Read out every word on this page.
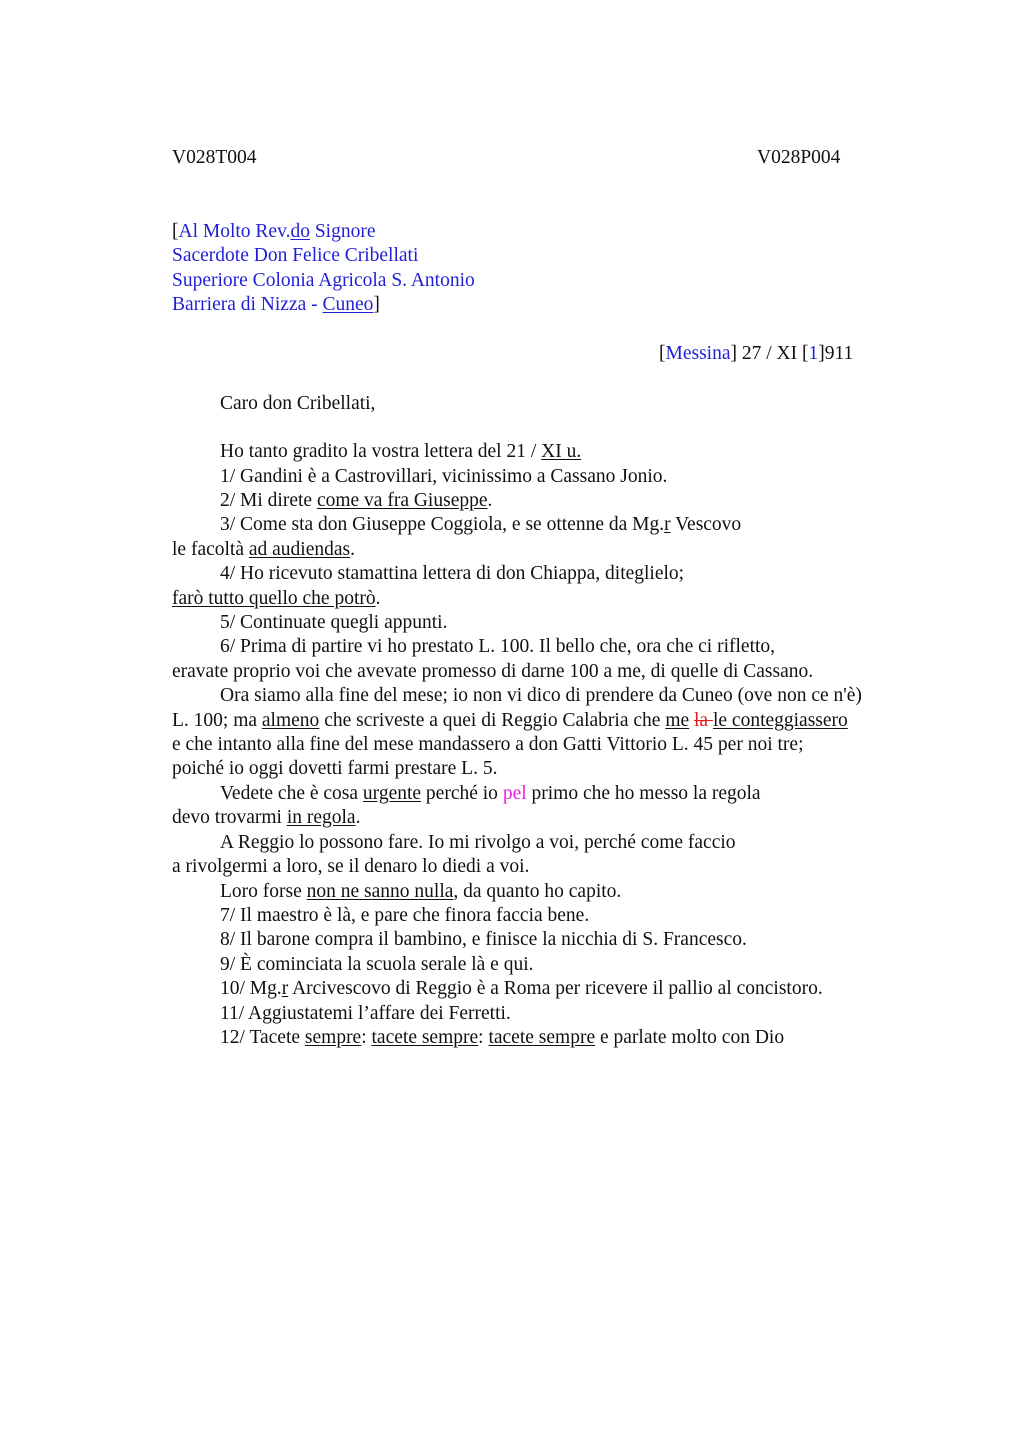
V028T004	V028P004
[Al Molto Rev.do Signore
Sacerdote Don Felice Cribellati
Superiore Colonia Agricola S. Antonio
Barriera di Nizza - Cuneo]
[Messina] 27 / XI [1]911
Caro don Cribellati,
Ho tanto gradito la vostra lettera del 21 / XI u.
1/ Gandini è a Castrovillari, vicinissimo a Cassano Jonio.
2/ Mi direte come va fra Giuseppe.
3/ Come sta don Giuseppe Coggiola, e se ottenne da Mg.r Vescovo
le facoltà ad audiendas.
4/ Ho ricevuto stamattina lettera di don Chiappa, diteglielo;
farò tutto quello che potrò.
5/ Continuate quegli appunti.
6/ Prima di partire vi ho prestato L. 100. Il bello che, ora che ci rifletto,
eravate proprio voi che avevate promesso di darne 100 a me, di quelle di Cassano.
Ora siamo alla fine del mese; io non vi dico di prendere da Cuneo (ove non ce n'è)
L. 100; ma almeno che scriveste a quei di Reggio Calabria che me la le conteggiassero
e che intanto alla fine del mese mandassero a don Gatti Vittorio L. 45 per noi tre;
poiché io oggi dovetti farmi prestare L. 5.
Vedete che è cosa urgente perché io pel primo che ho messo la regola
devo trovarmi in regola.
A Reggio lo possono fare. Io mi rivolgo a voi, perché come faccio
a rivolgermi a loro, se il denaro lo diedi a voi.
Loro forse non ne sanno nulla, da quanto ho capito.
7/ Il maestro è là, e pare che finora faccia bene.
8/ Il barone compra il bambino, e finisce la nicchia di S. Francesco.
9/ È cominciata la scuola serale là e qui.
10/ Mg.r Arcivescovo di Reggio è a Roma per ricevere il pallio al concistoro.
11/ Aggiustatemi l’affare dei Ferretti.
12/ Tacete sempre: tacete sempre: tacete sempre e parlate molto con Dio
